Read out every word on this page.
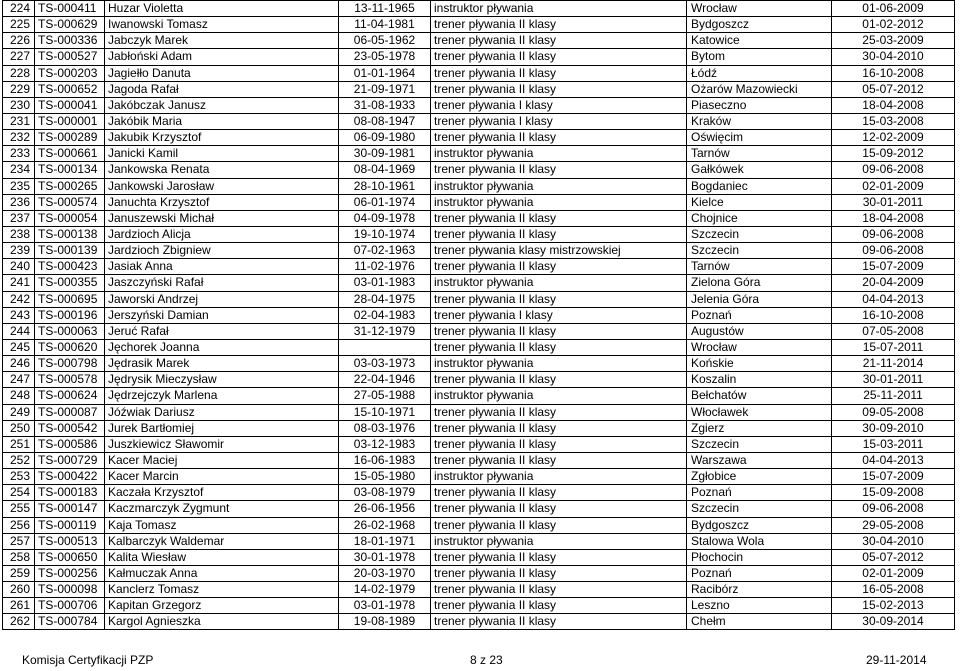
224	TS-000411	Huzar Violetta	13-11-1965	instruktor pływania	Wrocław	01-06-2009
225	TS-000629	Iwanowski Tomasz	11-04-1981	trener pływania II klasy	Bydgoszcz	01-02-2012
226	TS-000336	Jabczyk Marek	06-05-1962	trener pływania II klasy	Katowice	25-03-2009
227	TS-000527	Jabłoński Adam	23-05-1978	trener pływania II klasy	Bytom	30-04-2010
228	TS-000203	Jagiełło Danuta	01-01-1964	trener pływania II klasy	Łódź	16-10-2008
229	TS-000652	Jagoda Rafał	21-09-1971	trener pływania II klasy	Ożarów Mazowiecki	05-07-2012
230	TS-000041	Jakóbczak Janusz	31-08-1933	trener pływania I klasy	Piaseczno	18-04-2008
231	TS-000001	Jakóbik Maria	08-08-1947	trener pływania I klasy	Kraków	15-03-2008
232	TS-000289	Jakubik Krzysztof	06-09-1980	trener pływania II klasy	Oświęcim	12-02-2009
233	TS-000661	Janicki Kamil	30-09-1981	instruktor pływania	Tarnów	15-09-2012
234	TS-000134	Jankowska Renata	08-04-1969	trener pływania II klasy	Gałkówek	09-06-2008
235	TS-000265	Jankowski Jarosław	28-10-1961	instruktor pływania	Bogdaniec	02-01-2009
236	TS-000574	Januchta Krzysztof	06-01-1974	instruktor pływania	Kielce	30-01-2011
237	TS-000054	Januszewski Michał	04-09-1978	trener pływania II klasy	Chojnice	18-04-2008
238	TS-000138	Jardzioch Alicja	19-10-1974	trener pływania II klasy	Szczecin	09-06-2008
239	TS-000139	Jardzioch Zbigniew	07-02-1963	trener pływania klasy mistrzowskiej	Szczecin	09-06-2008
240	TS-000423	Jasiak Anna	11-02-1976	trener pływania II klasy	Tarnów	15-07-2009
241	TS-000355	Jaszczyński Rafał	03-01-1983	instruktor pływania	Zielona Góra	20-04-2009
242	TS-000695	Jaworski Andrzej	28-04-1975	trener pływania II klasy	Jelenia Góra	04-04-2013
243	TS-000196	Jerszyński Damian	02-04-1983	trener pływania I klasy	Poznań	16-10-2008
244	TS-000063	Jeruć Rafał	31-12-1979	trener pływania II klasy	Augustów	07-05-2008
245	TS-000620	Jęchorek Joanna		trener pływania II klasy	Wrocław	15-07-2011
246	TS-000798	Jędrasik Marek	03-03-1973	instruktor pływania	Końskie	21-11-2014
247	TS-000578	Jędrysik Mieczysław	22-04-1946	trener pływania II klasy	Koszalin	30-01-2011
248	TS-000624	Jędrzejczyk Marlena	27-05-1988	instruktor pływania	Bełchatów	25-11-2011
249	TS-000087	Jóźwiak Dariusz	15-10-1971	trener pływania II klasy	Włocławek	09-05-2008
250	TS-000542	Jurek Bartłomiej	08-03-1976	trener pływania II klasy	Zgierz	30-09-2010
251	TS-000586	Juszkiewicz Sławomir	03-12-1983	trener pływania II klasy	Szczecin	15-03-2011
252	TS-000729	Kacer Maciej	16-06-1983	trener pływania II klasy	Warszawa	04-04-2013
253	TS-000422	Kacer Marcin	15-05-1980	instruktor pływania	Zgłobice	15-07-2009
254	TS-000183	Kaczała Krzysztof	03-08-1979	trener pływania II klasy	Poznań	15-09-2008
255	TS-000147	Kaczmarczyk Zygmunt	26-06-1956	trener pływania II klasy	Szczecin	09-06-2008
256	TS-000119	Kaja Tomasz	26-02-1968	trener pływania II klasy	Bydgoszcz	29-05-2008
257	TS-000513	Kalbarczyk Waldemar	18-01-1971	instruktor pływania	Stalowa Wola	30-04-2010
258	TS-000650	Kalita Wiesław	30-01-1978	trener pływania II klasy	Płochocin	05-07-2012
259	TS-000256	Kałmuczak Anna	20-03-1970	trener pływania II klasy	Poznań	02-01-2009
260	TS-000098	Kanclerz Tomasz	14-02-1979	trener pływania II klasy	Racibórz	16-05-2008
261	TS-000706	Kapitan Grzegorz	03-01-1978	trener pływania II klasy	Leszno	15-02-2013
262	TS-000784	Kargol Agnieszka	19-08-1989	trener pływania II klasy	Chełm	30-09-2014
Komisja Certyfikacji PZP	8 z 23	29-11-2014
